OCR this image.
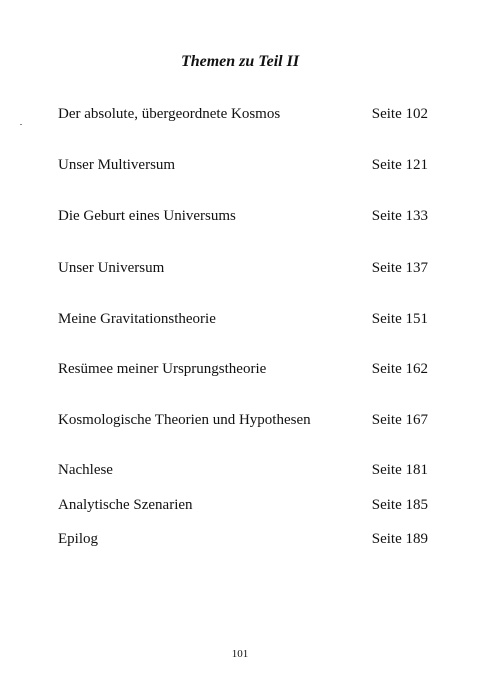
Themen zu Teil II
Der absolute, übergeordnete Kosmos	Seite 102
Unser Multiversum	Seite 121
Die Geburt eines Universums	Seite 133
Unser Universum	Seite 137
Meine Gravitationstheorie	Seite 151
Resümee meiner Ursprungstheorie	Seite 162
Kosmologische Theorien und Hypothesen	Seite 167
Nachlese	Seite 181
Analytische Szenarien	Seite 185
Epilog	Seite 189
101
